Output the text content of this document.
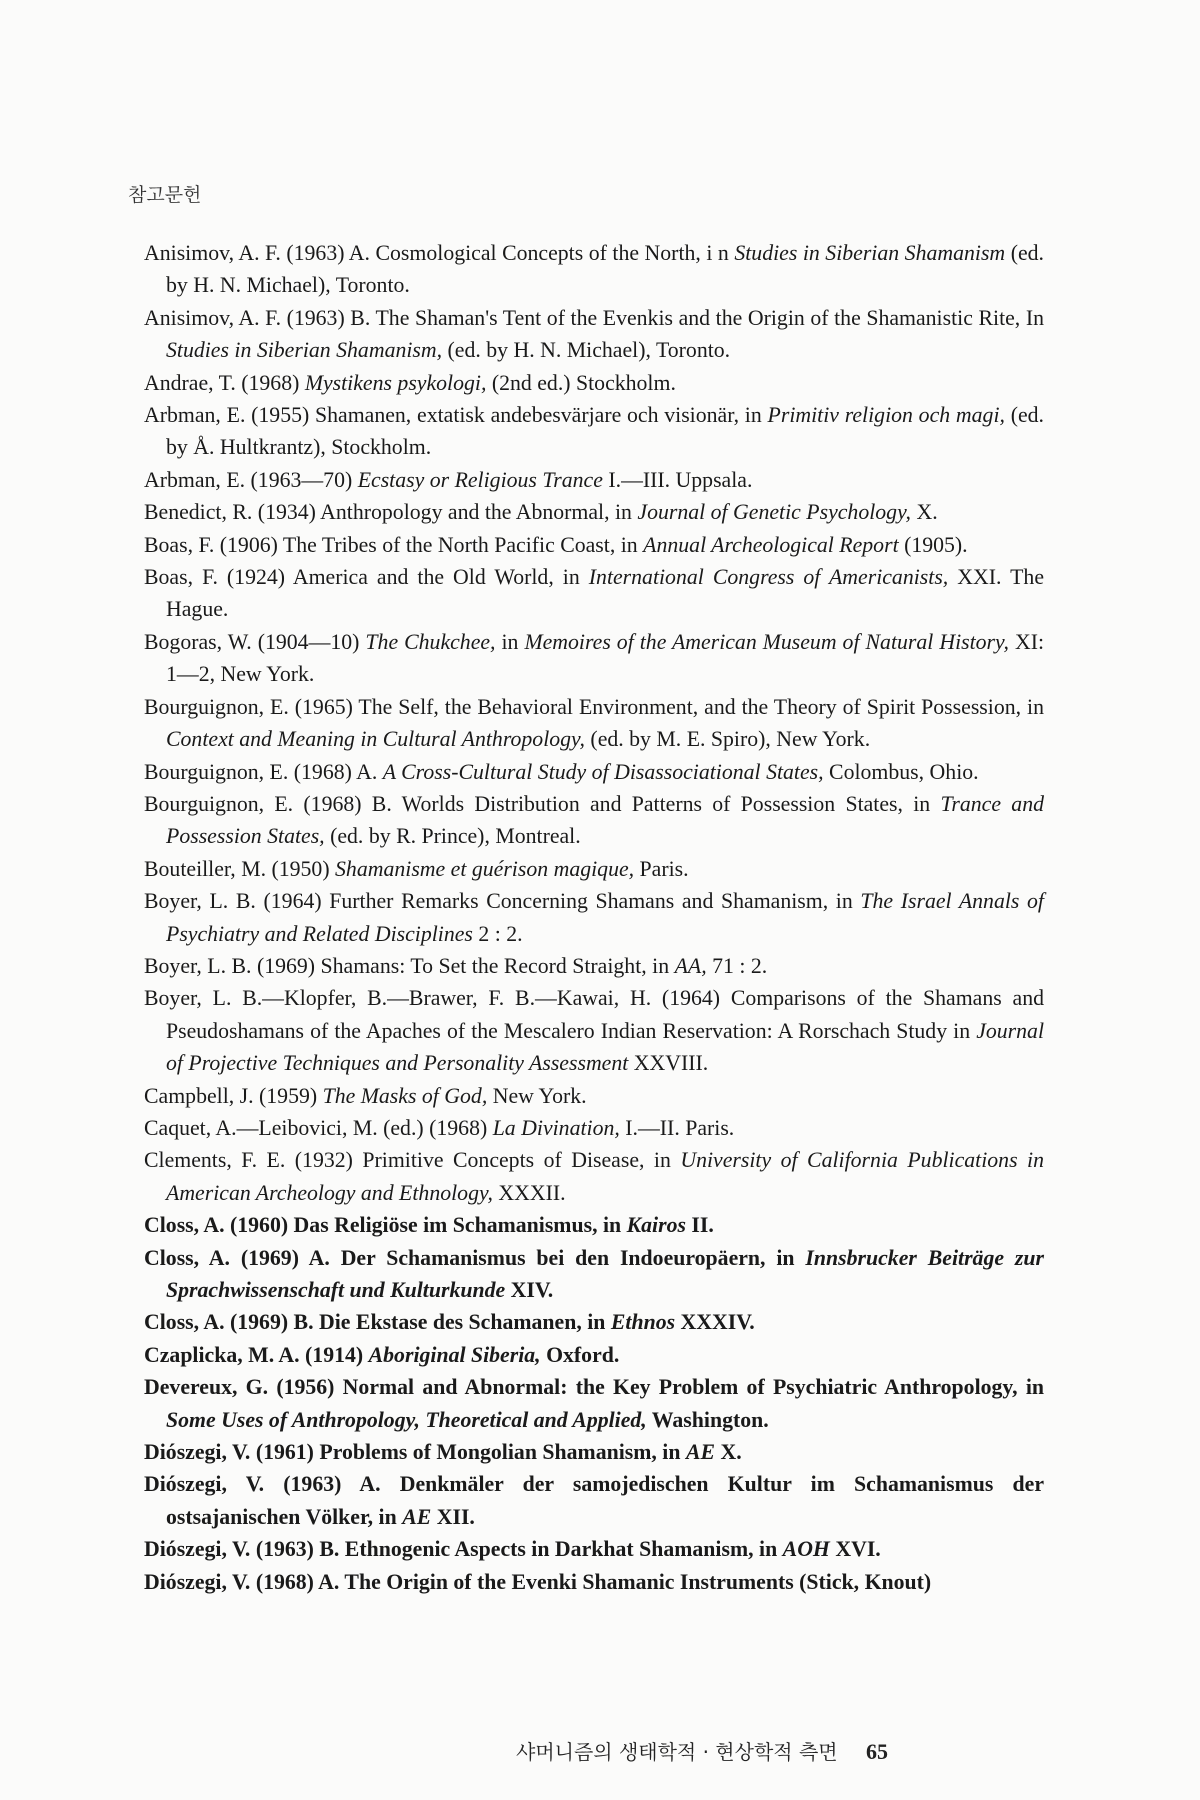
참고문헌
Anisimov, A. F. (1963) A. Cosmological Concepts of the North, i n Studies in Siberian Shamanism (ed. by H. N. Michael), Toronto.
Anisimov, A. F. (1963) B. The Shaman's Tent of the Evenkis and the Origin of the Shamanistic Rite, In Studies in Siberian Shamanism, (ed. by H. N. Michael), Toronto.
Andrae, T. (1968) Mystikens psykologi, (2nd ed.) Stockholm.
Arbman, E. (1955) Shamanen, extatisk andebesvärjare och visionär, in Primitiv religion och magi, (ed. by Å. Hultkrantz), Stockholm.
Arbman, E. (1963—70) Ecstasy or Religious Trance I.—III. Uppsala.
Benedict, R. (1934) Anthropology and the Abnormal, in Journal of Genetic Psychology, X.
Boas, F. (1906) The Tribes of the North Pacific Coast, in Annual Archeological Report (1905).
Boas, F. (1924) America and the Old World, in International Congress of Americanists, XXI. The Hague.
Bogoras, W. (1904—10) The Chukchee, in Memoires of the American Museum of Natural History, XI: 1—2, New York.
Bourguignon, E. (1965) The Self, the Behavioral Environment, and the Theory of Spirit Possession, in Context and Meaning in Cultural Anthropology, (ed. by M. E. Spiro), New York.
Bourguignon, E. (1968) A. A Cross-Cultural Study of Disassociational States, Colombus, Ohio.
Bourguignon, E. (1968) B. Worlds Distribution and Patterns of Possession States, in Trance and Possession States, (ed. by R. Prince), Montreal.
Bouteiller, M. (1950) Shamanisme et guérison magique, Paris.
Boyer, L. B. (1964) Further Remarks Concerning Shamans and Shamanism, in The Israel Annals of Psychiatry and Related Disciplines 2 : 2.
Boyer, L. B. (1969) Shamans: To Set the Record Straight, in AA, 71 : 2.
Boyer, L. B.—Klopfer, B.—Brawer, F. B.—Kawai, H. (1964) Comparisons of the Shamans and Pseudoshamans of the Apaches of the Mescalero Indian Reservation: A Rorschach Study in Journal of Projective Techniques and Personality Assessment XXVIII.
Campbell, J. (1959) The Masks of God, New York.
Caquet, A.—Leibovici, M. (ed.) (1968) La Divination, I.—II. Paris.
Clements, F. E. (1932) Primitive Concepts of Disease, in University of California Publications in American Archeology and Ethnology, XXXII.
Closs, A. (1960) Das Religiöse im Schamanismus, in Kairos II.
Closs, A. (1969) A. Der Schamanismus bei den Indoeuropäern, in Innsbrucker Beiträge zur Sprachwissenschaft und Kulturkunde XIV.
Closs, A. (1969) B. Die Ekstase des Schamanen, in Ethnos XXXIV.
Czaplicka, M. A. (1914) Aboriginal Siberia, Oxford.
Devereux, G. (1956) Normal and Abnormal: the Key Problem of Psychiatric Anthropology, in Some Uses of Anthropology, Theoretical and Applied, Washington.
Diószegi, V. (1961) Problems of Mongolian Shamanism, in AE X.
Diószegi, V. (1963) A. Denkmäler der samojedischen Kultur im Schamanismus der ostsajanischen Völker, in AE XII.
Diószegi, V. (1963) B. Ethnogenic Aspects in Darkhat Shamanism, in AOH XVI.
Diószegi, V. (1968) A. The Origin of the Evenki Shamanic Instruments (Stick, Knout)
샤머니즘의 생태학적 · 현상학적 측면 65
